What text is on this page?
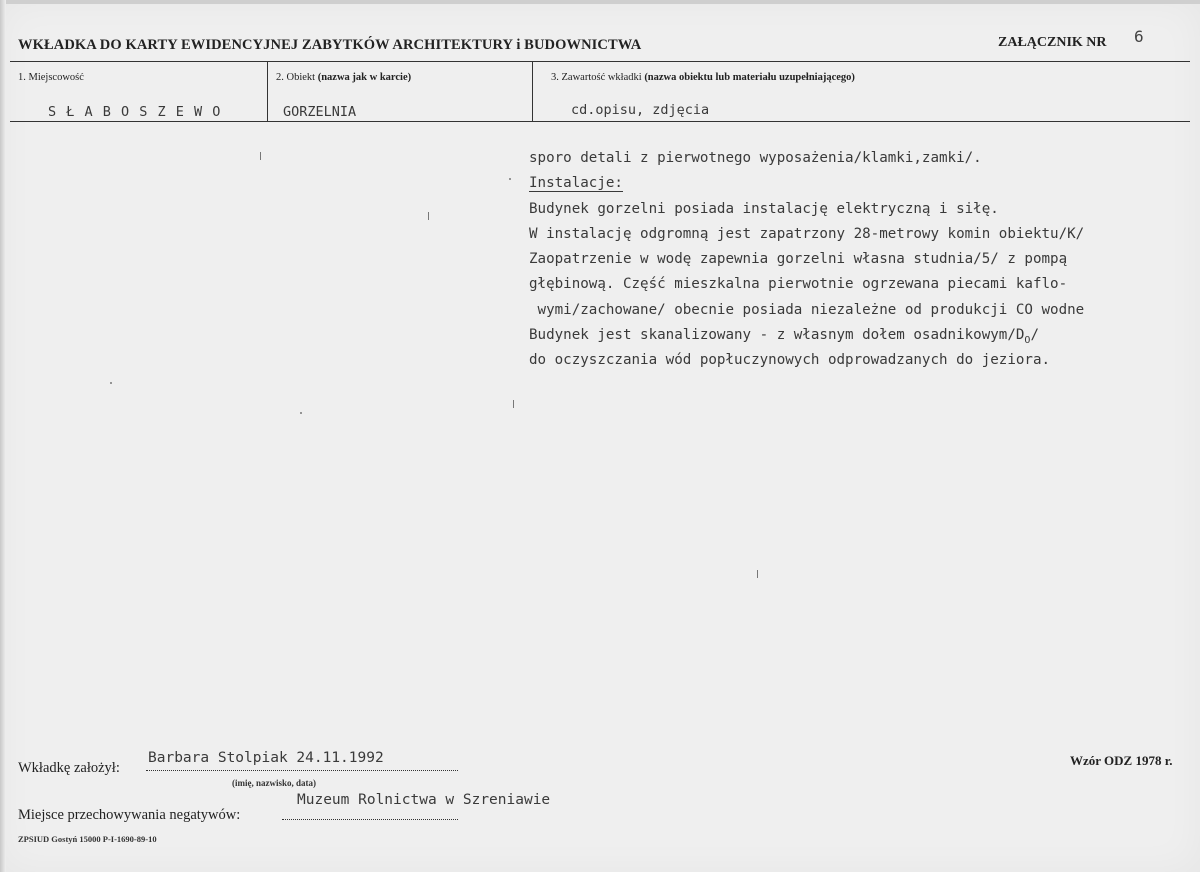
WKŁADKA DO KARTY EWIDENCYJNEJ ZABYTKÓW ARCHITEKTURY i BUDOWNICTWA	ZAŁĄCZNIK NR 6
1. Miejscowość	2. Obiekt (nazwa jak w karcie)	3. Zawartość wkładki (nazwa obiektu lub materiału uzupełniającego)
S Ł A B O S Z E W O	GORZELNIA	cd.opisu, zdjęcia
sporo detali z pierwotnego wyposażenia/klamki,zamki/.
Instalacje:
Budynek gorzelni posiada instalację elektryczną i siłę.
W instalację odgromną jest zapatrzony 28-metrowy komin obiektu/K/
Zaopatrzenie w wodę zapewnia gorzelni własna studnia/5/ z pompą
głębinową. Część mieszkalna pierwotnie ogrzewana piecami kaflo-
wymi/zachowane/ obecnie posiada niezależne od produkcji CO wodne
Budynek jest skanalizowany - z własnym dołem osadnikowym/$D_O/$
do oczyszczania wód popłuczynowych odprowadzanych do jeziora.
Wkładkę założył:
Barbara Stolpiak 24.11.1992
(imię, nazwisko, data)
Miejsce przechowywania negatywów:
Muzeum Rolnictwa w Szreniawie
Wzór ODZ 1978 r.
ZPSIUD Gostyń 15000 P-I-1690-89-10
